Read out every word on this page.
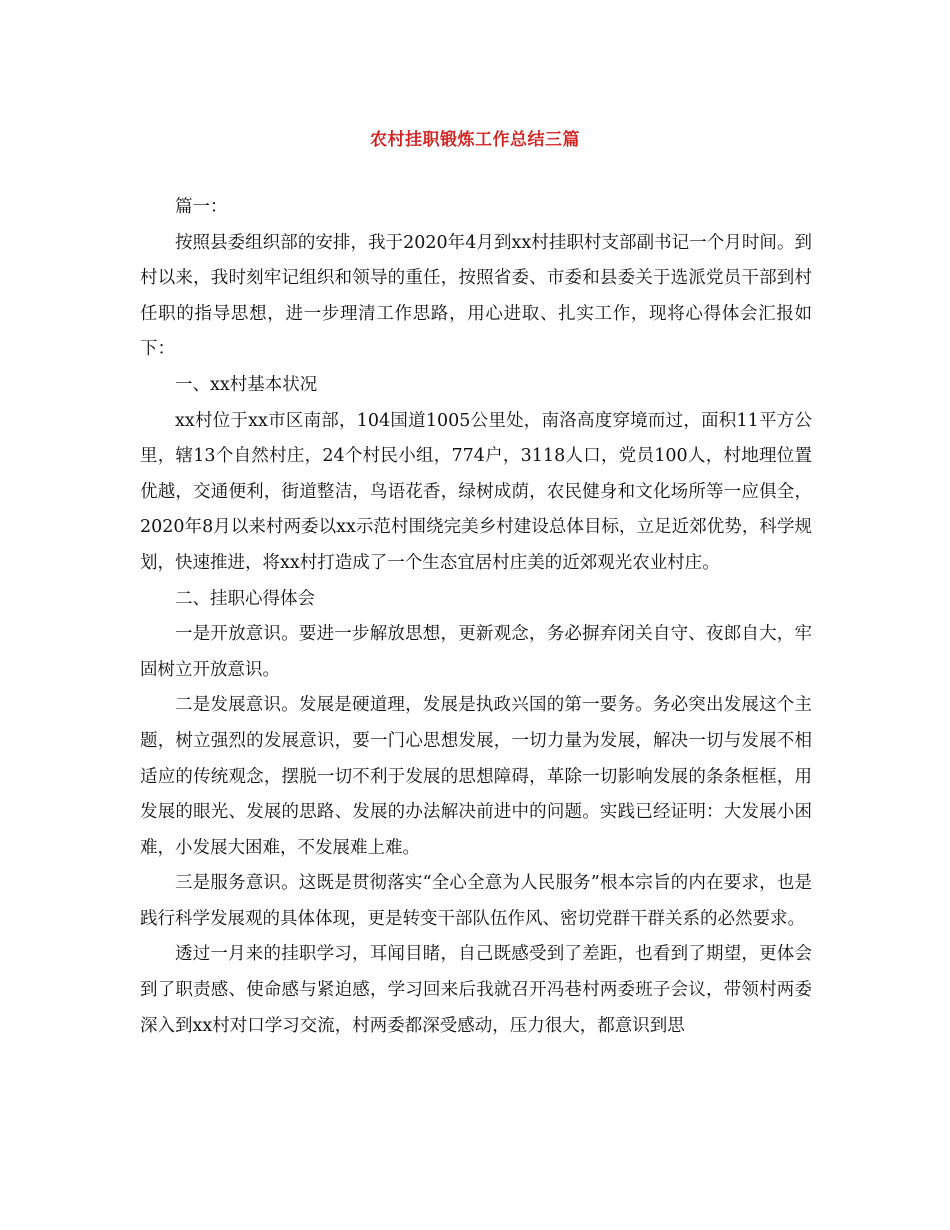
农村挂职锻炼工作总结三篇

篇一：

按照县委组织部的安排，我于2020年4月到xx村挂职村支部副书记一个月时间。到村以来，我时刻牢记组织和领导的重任，按照省委、市委和县委关于选派党员干部到村任职的指导思想，进一步理清工作思路，用心进取、扎实工作，现将心得体会汇报如下：

一、xx村基本状况

xx村位于xx市区南部，104国道1005公里处，南洛高度穿境而过，面积11平方公里，辖13个自然村庄，24个村民小组，774户，3118人口，党员100人，村地理位置优越，交通便利，街道整洁，鸟语花香，绿树成荫，农民健身和文化场所等一应俱全，2020年8月以来村两委以xx示范村围绕完美乡村建设总体目标，立足近郊优势，科学规划，快速推进，将xx村打造成了一个生态宜居村庄美的近郊观光农业村庄。

二、挂职心得体会

一是开放意识。要进一步解放思想，更新观念，务必摒弃闭关自守、夜郎自大，牢固树立开放意识。

二是发展意识。发展是硬道理，发展是执政兴国的第一要务。务必突出发展这个主题，树立强烈的发展意识，要一门心思想发展，一切力量为发展，解决一切与发展不相适应的传统观念，摆脱一切不利于发展的思想障碍，革除一切影响发展的条条框框，用发展的眼光、发展的思路、发展的办法解决前进中的问题。实践已经证明：大发展小困难，小发展大困难，不发展难上难。

三是服务意识。这既是贯彻落实“全心全意为人民服务”根本宗旨的内在要求，也是践行科学发展观的具体体现，更是转变干部队伍作风、密切党群干群关系的必然要求。

透过一月来的挂职学习，耳闻目睹，自己既感受到了差距，也看到了期望，更体会到了职责感、使命感与紧迫感，学习回来后我就召开冯巷村两委班子会议，带领村两委深入到xx村对口学习交流，村两委都深受感动，压力很大，都意识到思
